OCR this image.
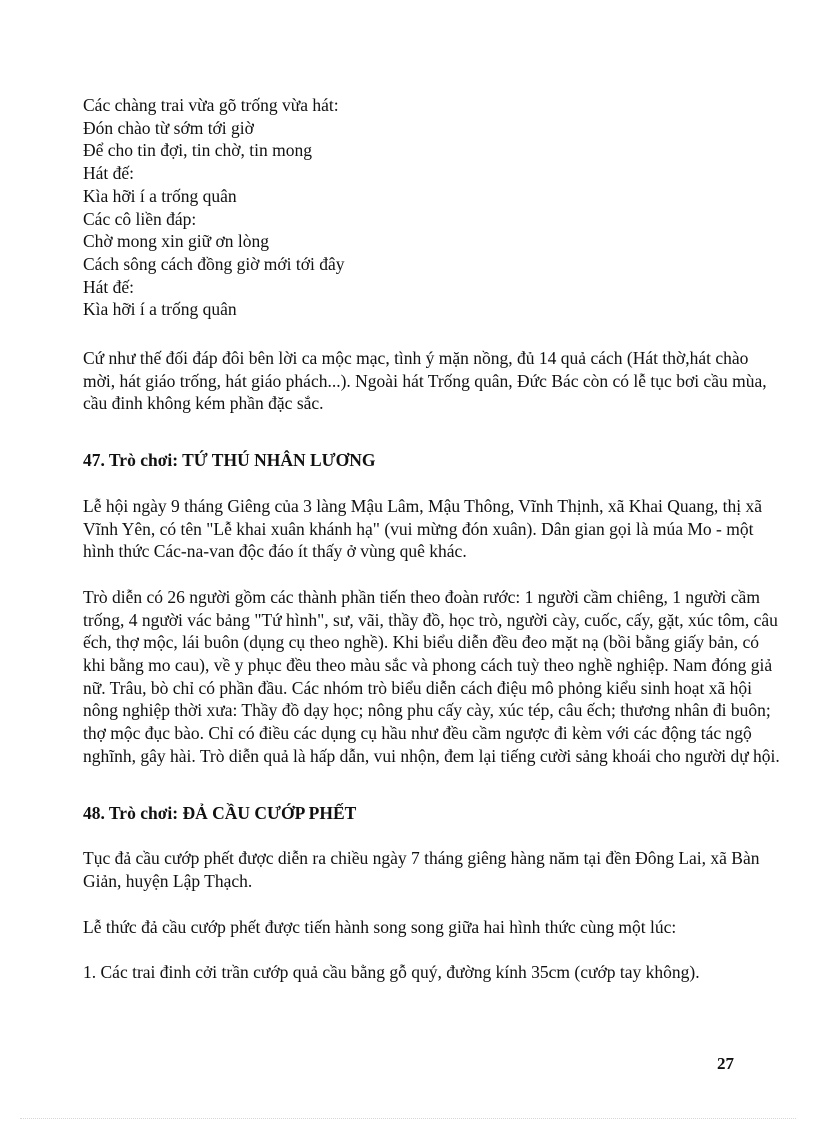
Các chàng trai vừa gõ trống vừa hát:
Đón chào từ sớm tới giờ
Để cho tin đợi, tin chờ, tin mong
Hát đế:
Kìa hỡi í a trống quân
Các cô liền đáp:
Chờ mong xin giữ ơn lòng
Cách sông cách đồng giờ mới tới đây
Hát đế:
Kìa hỡi í a trống quân

Cứ như thế đối đáp đôi bên lời ca mộc mạc, tình ý mặn nồng, đủ 14 quả cách (Hát thờ,hát chào mời, hát giáo trống, hát giáo phách...). Ngoài hát Trống quân, Đức Bác còn có lễ tục bơi cầu mùa, cầu đinh không kém phần đặc sắc.

47. Trò chơi: TỨ THÚ NHÂN LƯƠNG

Lễ hội ngày 9 tháng Giêng của 3 làng Mậu Lâm, Mậu Thông, Vĩnh Thịnh, xã Khai Quang, thị xã Vĩnh Yên, có tên "Lễ khai xuân khánh hạ" (vui mừng đón xuân). Dân gian gọi là múa Mo - một hình thức Các-na-van độc đáo ít thấy ở vùng quê khác.

Trò diễn có 26 người gồm các thành phần tiến theo đoàn rước: 1 người cầm chiêng, 1 người cầm trống, 4 người vác bảng "Tứ hình", sư, vãi, thầy đồ, học trò, người cày, cuốc, cấy, gặt, xúc tôm, câu ếch, thợ mộc, lái buôn (dụng cụ theo nghề). Khi biểu diễn đều đeo mặt nạ (bồi bằng giấy bản, có khi bằng mo cau), về y phục đều theo màu sắc và phong cách tuỳ theo nghề nghiệp. Nam đóng giả nữ. Trâu, bò chỉ có phần đầu. Các nhóm trò biểu diễn cách điệu mô phỏng kiểu sinh hoạt xã hội nông nghiệp thời xưa: Thầy đồ dạy học; nông phu cấy cày, xúc tép, câu ếch; thương nhân đi buôn; thợ mộc đục bào. Chỉ có điều các dụng cụ hầu như đều cầm ngược đi kèm với các động tác ngộ nghĩnh, gây hài. Trò diễn quả là hấp dẫn, vui nhộn, đem lại tiếng cười sảng khoái cho người dự hội.

48. Trò chơi: ĐẢ CẦU CƯỚP PHẾT

Tục đả cầu cướp phết được diễn ra chiều ngày 7 tháng giêng hàng năm tại đền Đông Lai, xã Bàn Giản, huyện Lập Thạch.

Lễ thức đả cầu cướp phết được tiến hành song song giữa hai hình thức cùng một lúc:

1. Các trai đinh cởi trần cướp quả cầu bằng gỗ quý, đường kính 35cm (cướp tay không).

27
